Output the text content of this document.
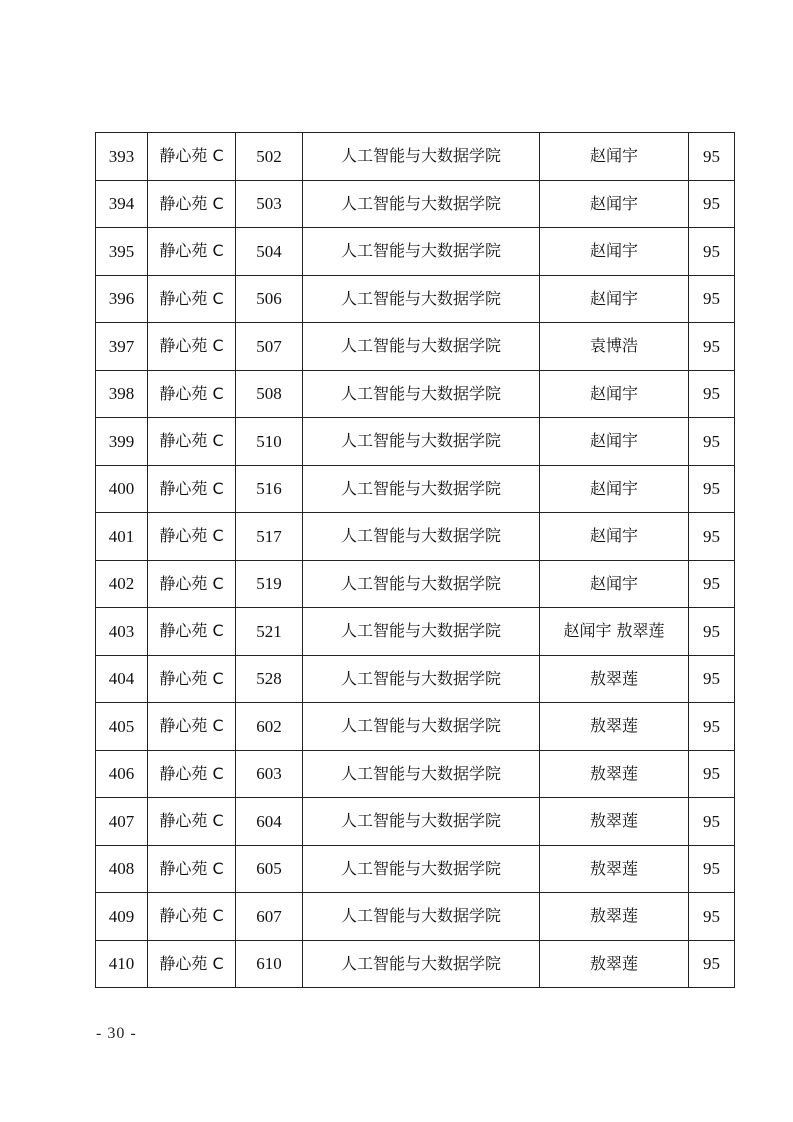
393	静心苑 C	502	人工智能与大数据学院	赵闻宇	95
394	静心苑 C	503	人工智能与大数据学院	赵闻宇	95
395	静心苑 C	504	人工智能与大数据学院	赵闻宇	95
396	静心苑 C	506	人工智能与大数据学院	赵闻宇	95
397	静心苑 C	507	人工智能与大数据学院	袁博浩	95
398	静心苑 C	508	人工智能与大数据学院	赵闻宇	95
399	静心苑 C	510	人工智能与大数据学院	赵闻宇	95
400	静心苑 C	516	人工智能与大数据学院	赵闻宇	95
401	静心苑 C	517	人工智能与大数据学院	赵闻宇	95
402	静心苑 C	519	人工智能与大数据学院	赵闻宇	95
403	静心苑 C	521	人工智能与大数据学院	赵闻宇 敖翠莲	95
404	静心苑 C	528	人工智能与大数据学院	敖翠莲	95
405	静心苑 C	602	人工智能与大数据学院	敖翠莲	95
406	静心苑 C	603	人工智能与大数据学院	敖翠莲	95
407	静心苑 C	604	人工智能与大数据学院	敖翠莲	95
408	静心苑 C	605	人工智能与大数据学院	敖翠莲	95
409	静心苑 C	607	人工智能与大数据学院	敖翠莲	95
410	静心苑 C	610	人工智能与大数据学院	敖翠莲	95
- 30 -
